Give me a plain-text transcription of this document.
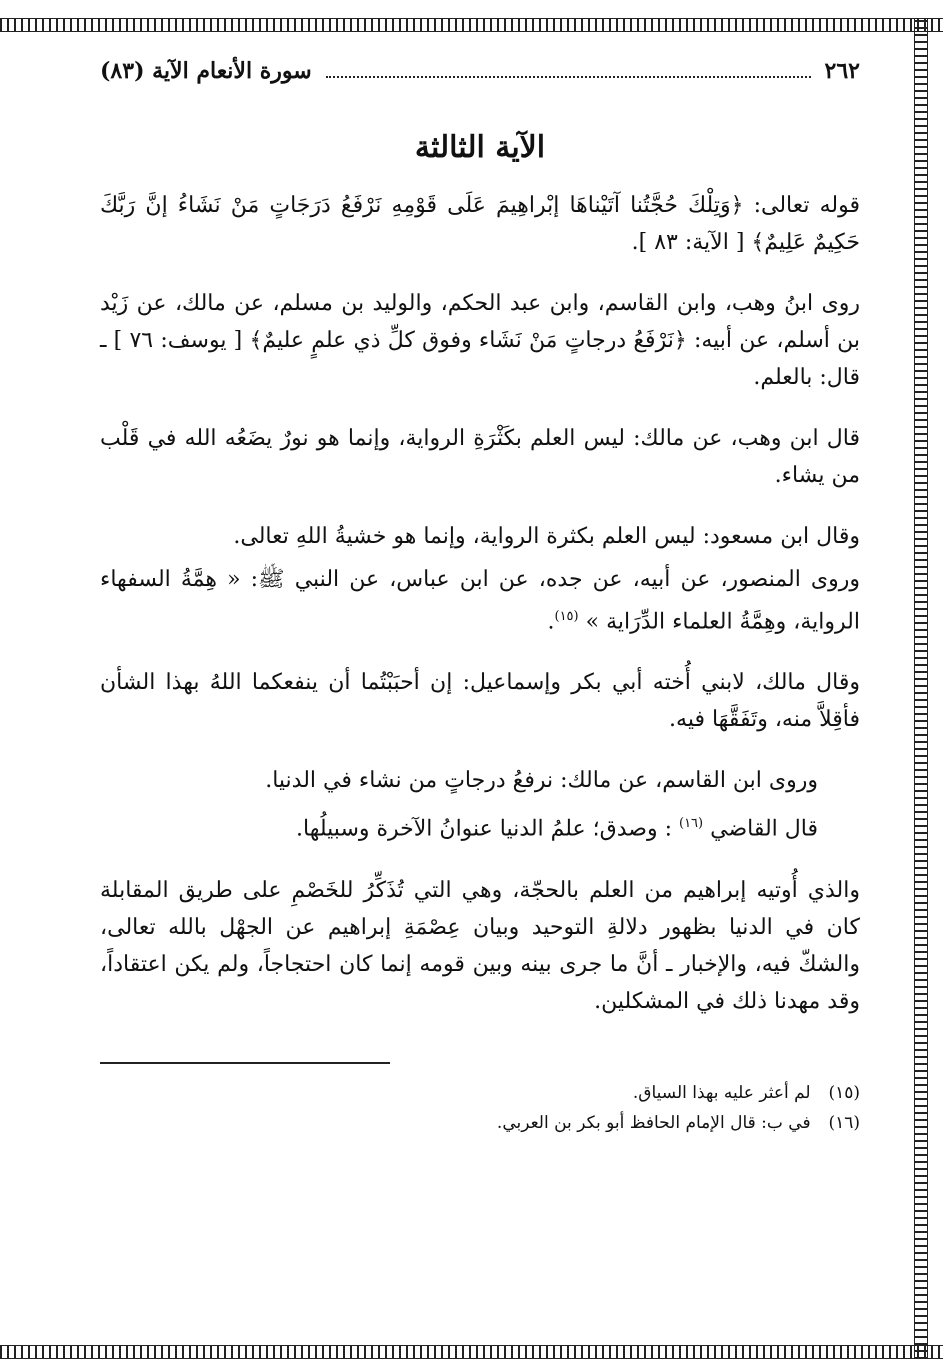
٢٦٢
سورة الأنعام الآية (٨٣)
الآية الثالثة

قوله تعالى: ﴿وَتِلْكَ حُجَّتُنا آتَيْناهَا إبْراهِيمَ عَلَى قَوْمِهِ نَرْفَعُ دَرَجَاتٍ مَنْ نَشَاءُ إنَّ رَبَّكَ حَكِيمٌ عَلِيمٌ﴾ [ الآية: ٨٣ ].

روى ابنُ وهب، وابن القاسم، وابن عبد الحكم، والوليد بن مسلم، عن مالك، عن زَيْد بن أسلم، عن أبيه: ﴿نَرْفَعُ درجاتٍ مَنْ نَشَاء وفوق كلِّ ذي علمٍ عليمٌ﴾ [ يوسف: ٧٦ ] ـ قال: بالعلم.

قال ابن وهب، عن مالك: ليس العلم بكَثْرَةِ الرواية، وإنما هو نورٌ يضَعُه الله في قَلْب من يشاء.

وقال ابن مسعود: ليس العلم بكثرة الرواية، وإنما هو خشيةُ اللهِ تعالى.

وروى المنصور، عن أبيه، عن جده، عن ابن عباس، عن النبي ﷺ: « هِمَّةُ السفهاء الرواية، وهِمَّةُ العلماء الدِّرَاية » $^{(١٥)}$.

وقال مالك، لابني أُخته أبي بكر وإسماعيل: إن أحبَبْتُما أن ينفعكما اللهُ بهذا الشأن فأقِلاَّ منه، وتَفَقَّهَا فيه.

وروى ابن القاسم، عن مالك: نرفعُ درجاتٍ من نشاء في الدنيا.

قال القاضي $^{(١٦)}$ : وصدق؛ علمُ الدنيا عنوانُ الآخرة وسبيلُها.

والذي أُوتيه إبراهيم من العلم بالحجّة، وهي التي تُذَكِّرُ للخَصْمِ على طريق المقابلة كان في الدنيا بظهور دلالةِ التوحيد وبيان عِصْمَةِ إبراهيم عن الجهْل بالله تعالى، والشكّ فيه، والإخبار ـ أنَّ ما جرى بينه وبين قومه إنما كان احتجاجاً، ولم يكن اعتقاداً، وقد مهدنا ذلك في المشكلين.

(١٥) لم أعثر عليه بهذا السياق.

(١٦) في ب: قال الإمام الحافظ أبو بكر بن العربي.
